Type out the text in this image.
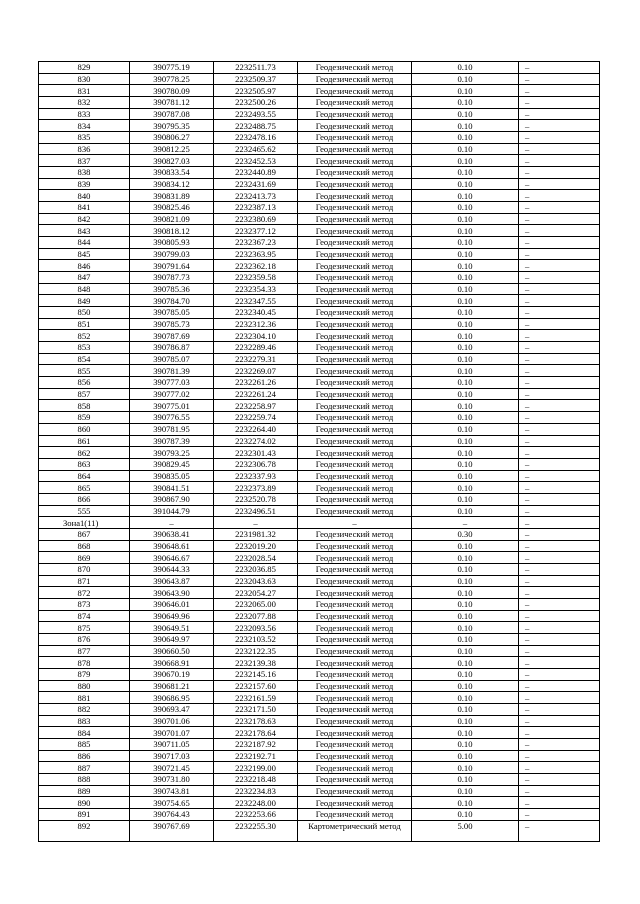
829	390775.19	2232511.73	Геодезический метод	0.10	–
830	390778.25	2232509.37	Геодезический метод	0.10	–
831	390780.09	2232505.97	Геодезический метод	0.10	–
832	390781.12	2232500.26	Геодезический метод	0.10	–
833	390787.08	2232493.55	Геодезический метод	0.10	–
834	390795.35	2232488.75	Геодезический метод	0.10	–
835	390806.27	2232478.16	Геодезический метод	0.10	–
836	390812.25	2232465.62	Геодезический метод	0.10	–
837	390827.03	2232452.53	Геодезический метод	0.10	–
838	390833.54	2232440.89	Геодезический метод	0.10	–
839	390834.12	2232431.69	Геодезический метод	0.10	–
840	390831.89	2232413.73	Геодезический метод	0.10	–
841	390825.46	2232387.13	Геодезический метод	0.10	–
842	390821.09	2232380.69	Геодезический метод	0.10	–
843	390818.12	2232377.12	Геодезический метод	0.10	–
844	390805.93	2232367.23	Геодезический метод	0.10	–
845	390799.03	2232363.95	Геодезический метод	0.10	–
846	390791.64	2232362.18	Геодезический метод	0.10	–
847	390787.73	2232359.58	Геодезический метод	0.10	–
848	390785.36	2232354.33	Геодезический метод	0.10	–
849	390784.70	2232347.55	Геодезический метод	0.10	–
850	390785.05	2232340.45	Геодезический метод	0.10	–
851	390785.73	2232312.36	Геодезический метод	0.10	–
852	390787.69	2232304.10	Геодезический метод	0.10	–
853	390786.87	2232289.46	Геодезический метод	0.10	–
854	390785.07	2232279.31	Геодезический метод	0.10	–
855	390781.39	2232269.07	Геодезический метод	0.10	–
856	390777.03	2232261.26	Геодезический метод	0.10	–
857	390777.02	2232261.24	Геодезический метод	0.10	–
858	390775.01	2232258.97	Геодезический метод	0.10	–
859	390776.55	2232259.74	Геодезический метод	0.10	–
860	390781.95	2232264.40	Геодезический метод	0.10	–
861	390787.39	2232274.02	Геодезический метод	0.10	–
862	390793.25	2232301.43	Геодезический метод	0.10	–
863	390829.45	2232306.78	Геодезический метод	0.10	–
864	390835.05	2232337.93	Геодезический метод	0.10	–
865	390841.51	2232373.89	Геодезический метод	0.10	–
866	390867.90	2232520.78	Геодезический метод	0.10	–
555	391044.79	2232496.51	Геодезический метод	0.10	–
Зона1(11)	–	–	–	–	–
867	390638.41	2231981.32	Геодезический метод	0.30	–
868	390648.61	2232019.20	Геодезический метод	0.10	–
869	390646.67	2232028.54	Геодезический метод	0.10	–
870	390644.33	2232036.85	Геодезический метод	0.10	–
871	390643.87	2232043.63	Геодезический метод	0.10	–
872	390643.90	2232054.27	Геодезический метод	0.10	–
873	390646.01	2232065.00	Геодезический метод	0.10	–
874	390649.96	2232077.88	Геодезический метод	0.10	–
875	390649.51	2232093.56	Геодезический метод	0.10	–
876	390649.97	2232103.52	Геодезический метод	0.10	–
877	390660.50	2232122.35	Геодезический метод	0.10	–
878	390668.91	2232139.38	Геодезический метод	0.10	–
879	390670.19	2232145.16	Геодезический метод	0.10	–
880	390681.21	2232157.60	Геодезический метод	0.10	–
881	390686.95	2232161.59	Геодезический метод	0.10	–
882	390693.47	2232171.50	Геодезический метод	0.10	–
883	390701.06	2232178.63	Геодезический метод	0.10	–
884	390701.07	2232178.64	Геодезический метод	0.10	–
885	390711.05	2232187.92	Геодезический метод	0.10	–
886	390717.03	2232192.71	Геодезический метод	0.10	–
887	390721.45	2232199.00	Геодезический метод	0.10	–
888	390731.80	2232218.48	Геодезический метод	0.10	–
889	390743.81	2232234.83	Геодезический метод	0.10	–
890	390754.65	2232248.00	Геодезический метод	0.10	–
891	390764.43	2232253.66	Геодезический метод	0.10	–
892	390767.69	2232255.30	Картометрический метод	5.00	–
